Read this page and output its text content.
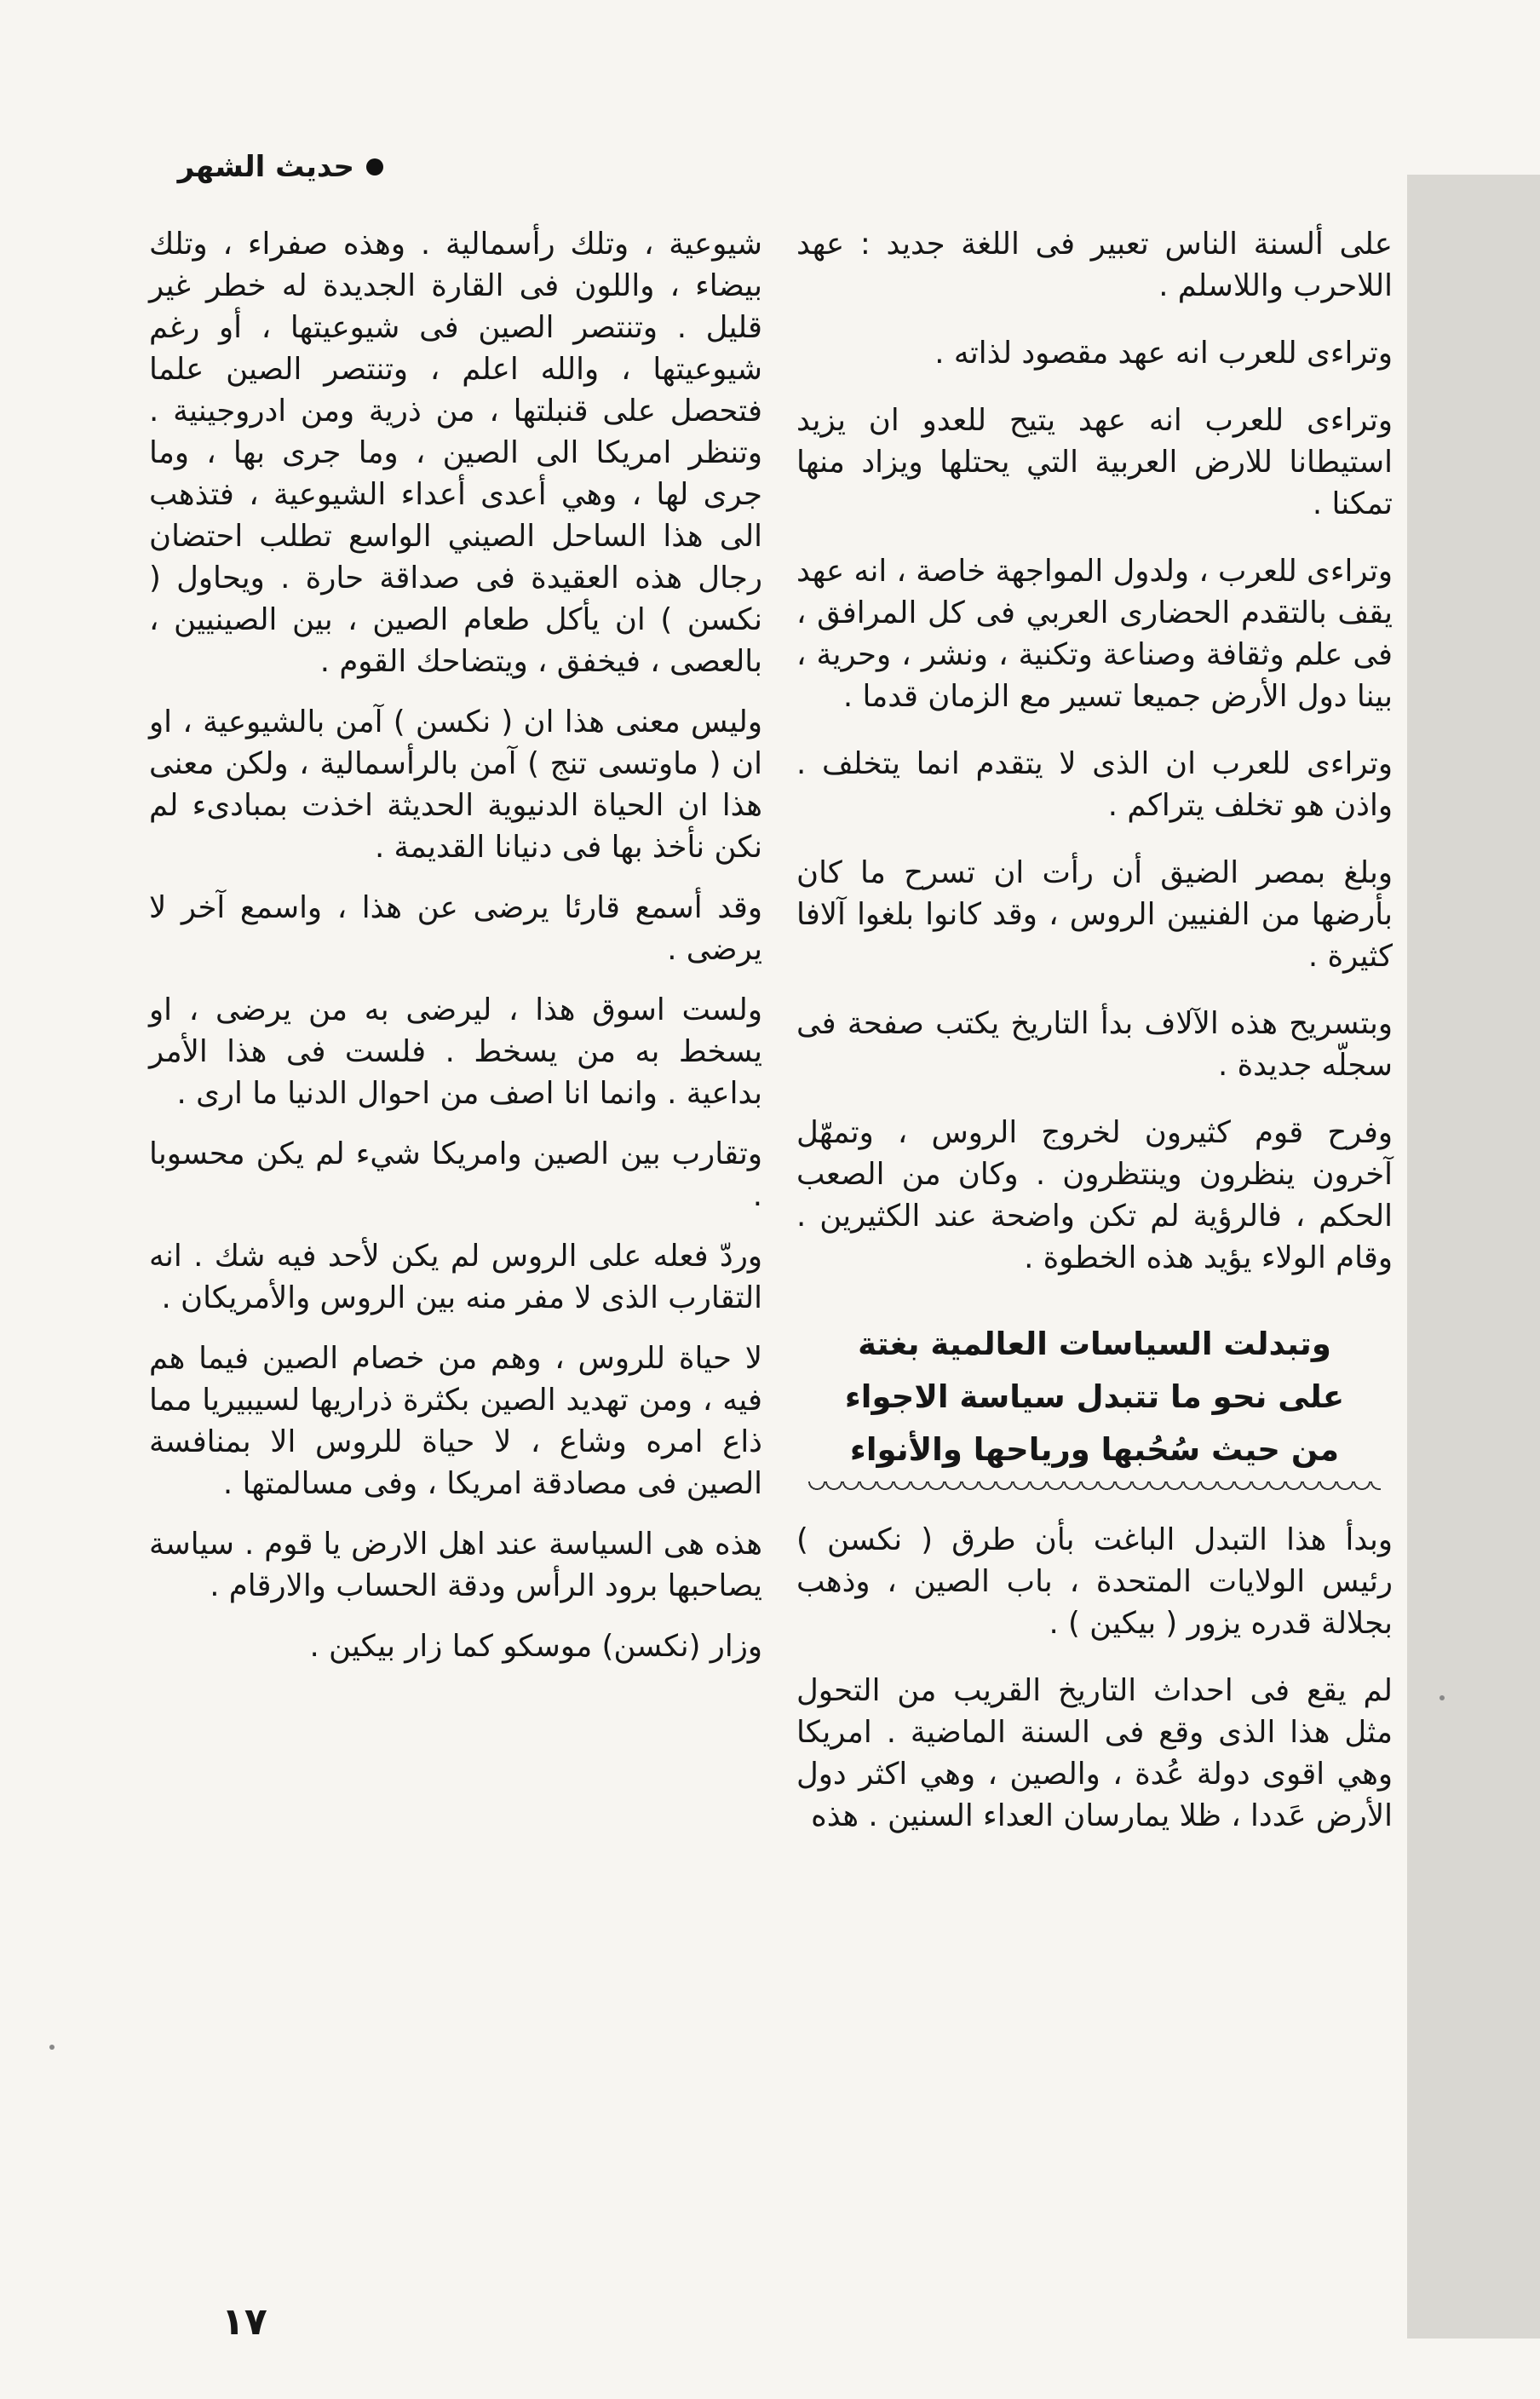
حديث الشهر

على ألسنة الناس تعبير فى اللغة جديد : عهد اللاحرب واللاسلم .

وتراءى للعرب انه عهد مقصود لذاته .

وتراءى للعرب انه عهد يتيح للعدو ان يزيد استيطانا للارض العربية التي يحتلها ويزاد منها تمكنا .

وتراءى للعرب ، ولدول المواجهة خاصة ، انه عهد يقف بالتقدم الحضارى العربي فى كل المرافق ، فى علم وثقافة وصناعة وتكنية ، ونشر ، وحرية ، بينا دول الأرض جميعا تسير مع الزمان قدما .

وتراءى للعرب ان الذى لا يتقدم انما يتخلف . واذن هو تخلف يتراكم .

وبلغ بمصر الضيق أن رأت ان تسرح ما كان بأرضها من الفنيين الروس ، وقد كانوا بلغوا آلافا كثيرة .

وبتسريح هذه الآلاف بدأ التاريخ يكتب صفحة فى سجلّه جديدة .

وفرح قوم كثيرون لخروج الروس ، وتمهّل آخرون ينظرون وينتظرون . وكان من الصعب الحكم ، فالرؤية لم تكن واضحة عند الكثيرين . وقام الولاء يؤيد هذه الخطوة .

وتبدلت السياسات العالمية بغتة
على نحو ما تتبدل سياسة الاجواء
من حيث سُحُبها ورياحها والأنواء

وبدأ هذا التبدل الباغت بأن طرق ( نكسن ) رئيس الولايات المتحدة ، باب الصين ، وذهب بجلالة قدره يزور ( بيكين ) .

لم يقع فى احداث التاريخ القريب من التحول مثل هذا الذى وقع فى السنة الماضية . امريكا وهي اقوى دولة عُدة ، والصين ، وهي اكثر دول الأرض عَددا ، ظلا يمارسان العداء السنين . هذه

شيوعية ، وتلك رأسمالية . وهذه صفراء ، وتلك بيضاء ، واللون فى القارة الجديدة له خطر غير قليل . وتنتصر الصين فى شيوعيتها ، أو رغم شيوعيتها ، والله اعلم ، وتنتصر الصين علما فتحصل على قنبلتها ، من ذرية ومن ادروجينية . وتنظر امريكا الى الصين ، وما جرى بها ، وما جرى لها ، وهي أعدى أعداء الشيوعية ، فتذهب الى هذا الساحل الصيني الواسع تطلب احتضان رجال هذه العقيدة فى صداقة حارة . ويحاول ( نكسن ) ان يأكل طعام الصين ، بين الصينيين ، بالعصى ، فيخفق ، ويتضاحك القوم .

وليس معنى هذا ان ( نكسن ) آمن بالشيوعية ، او ان ( ماوتسى تنج ) آمن بالرأسمالية ، ولكن معنى هذا ان الحياة الدنيوية الحديثة اخذت بمبادىء لم نكن نأخذ بها فى دنيانا القديمة .

وقد أسمع قارئا يرضى عن هذا ، واسمع آخر لا يرضى .

ولست اسوق هذا ، ليرضى به من يرضى ، او يسخط به من يسخط . فلست فى هذا الأمر بداعية . وانما انا اصف من احوال الدنيا ما ارى .

وتقارب بين الصين وامريكا شيء لم يكن محسوبا .

وردّ فعله على الروس لم يكن لأحد فيه شك . انه التقارب الذى لا مفر منه بين الروس والأمريكان .

لا حياة للروس ، وهم من خصام الصين فيما هم فيه ، ومن تهديد الصين بكثرة ذراريها لسيبيريا مما ذاع امره وشاع ، لا حياة للروس الا بمنافسة الصين فى مصادقة امريكا ، وفى مسالمتها .

هذه هى السياسة عند اهل الارض يا قوم . سياسة يصاحبها برود الرأس ودقة الحساب والارقام .

وزار (نكسن) موسكو كما زار بيكين .

١٧
